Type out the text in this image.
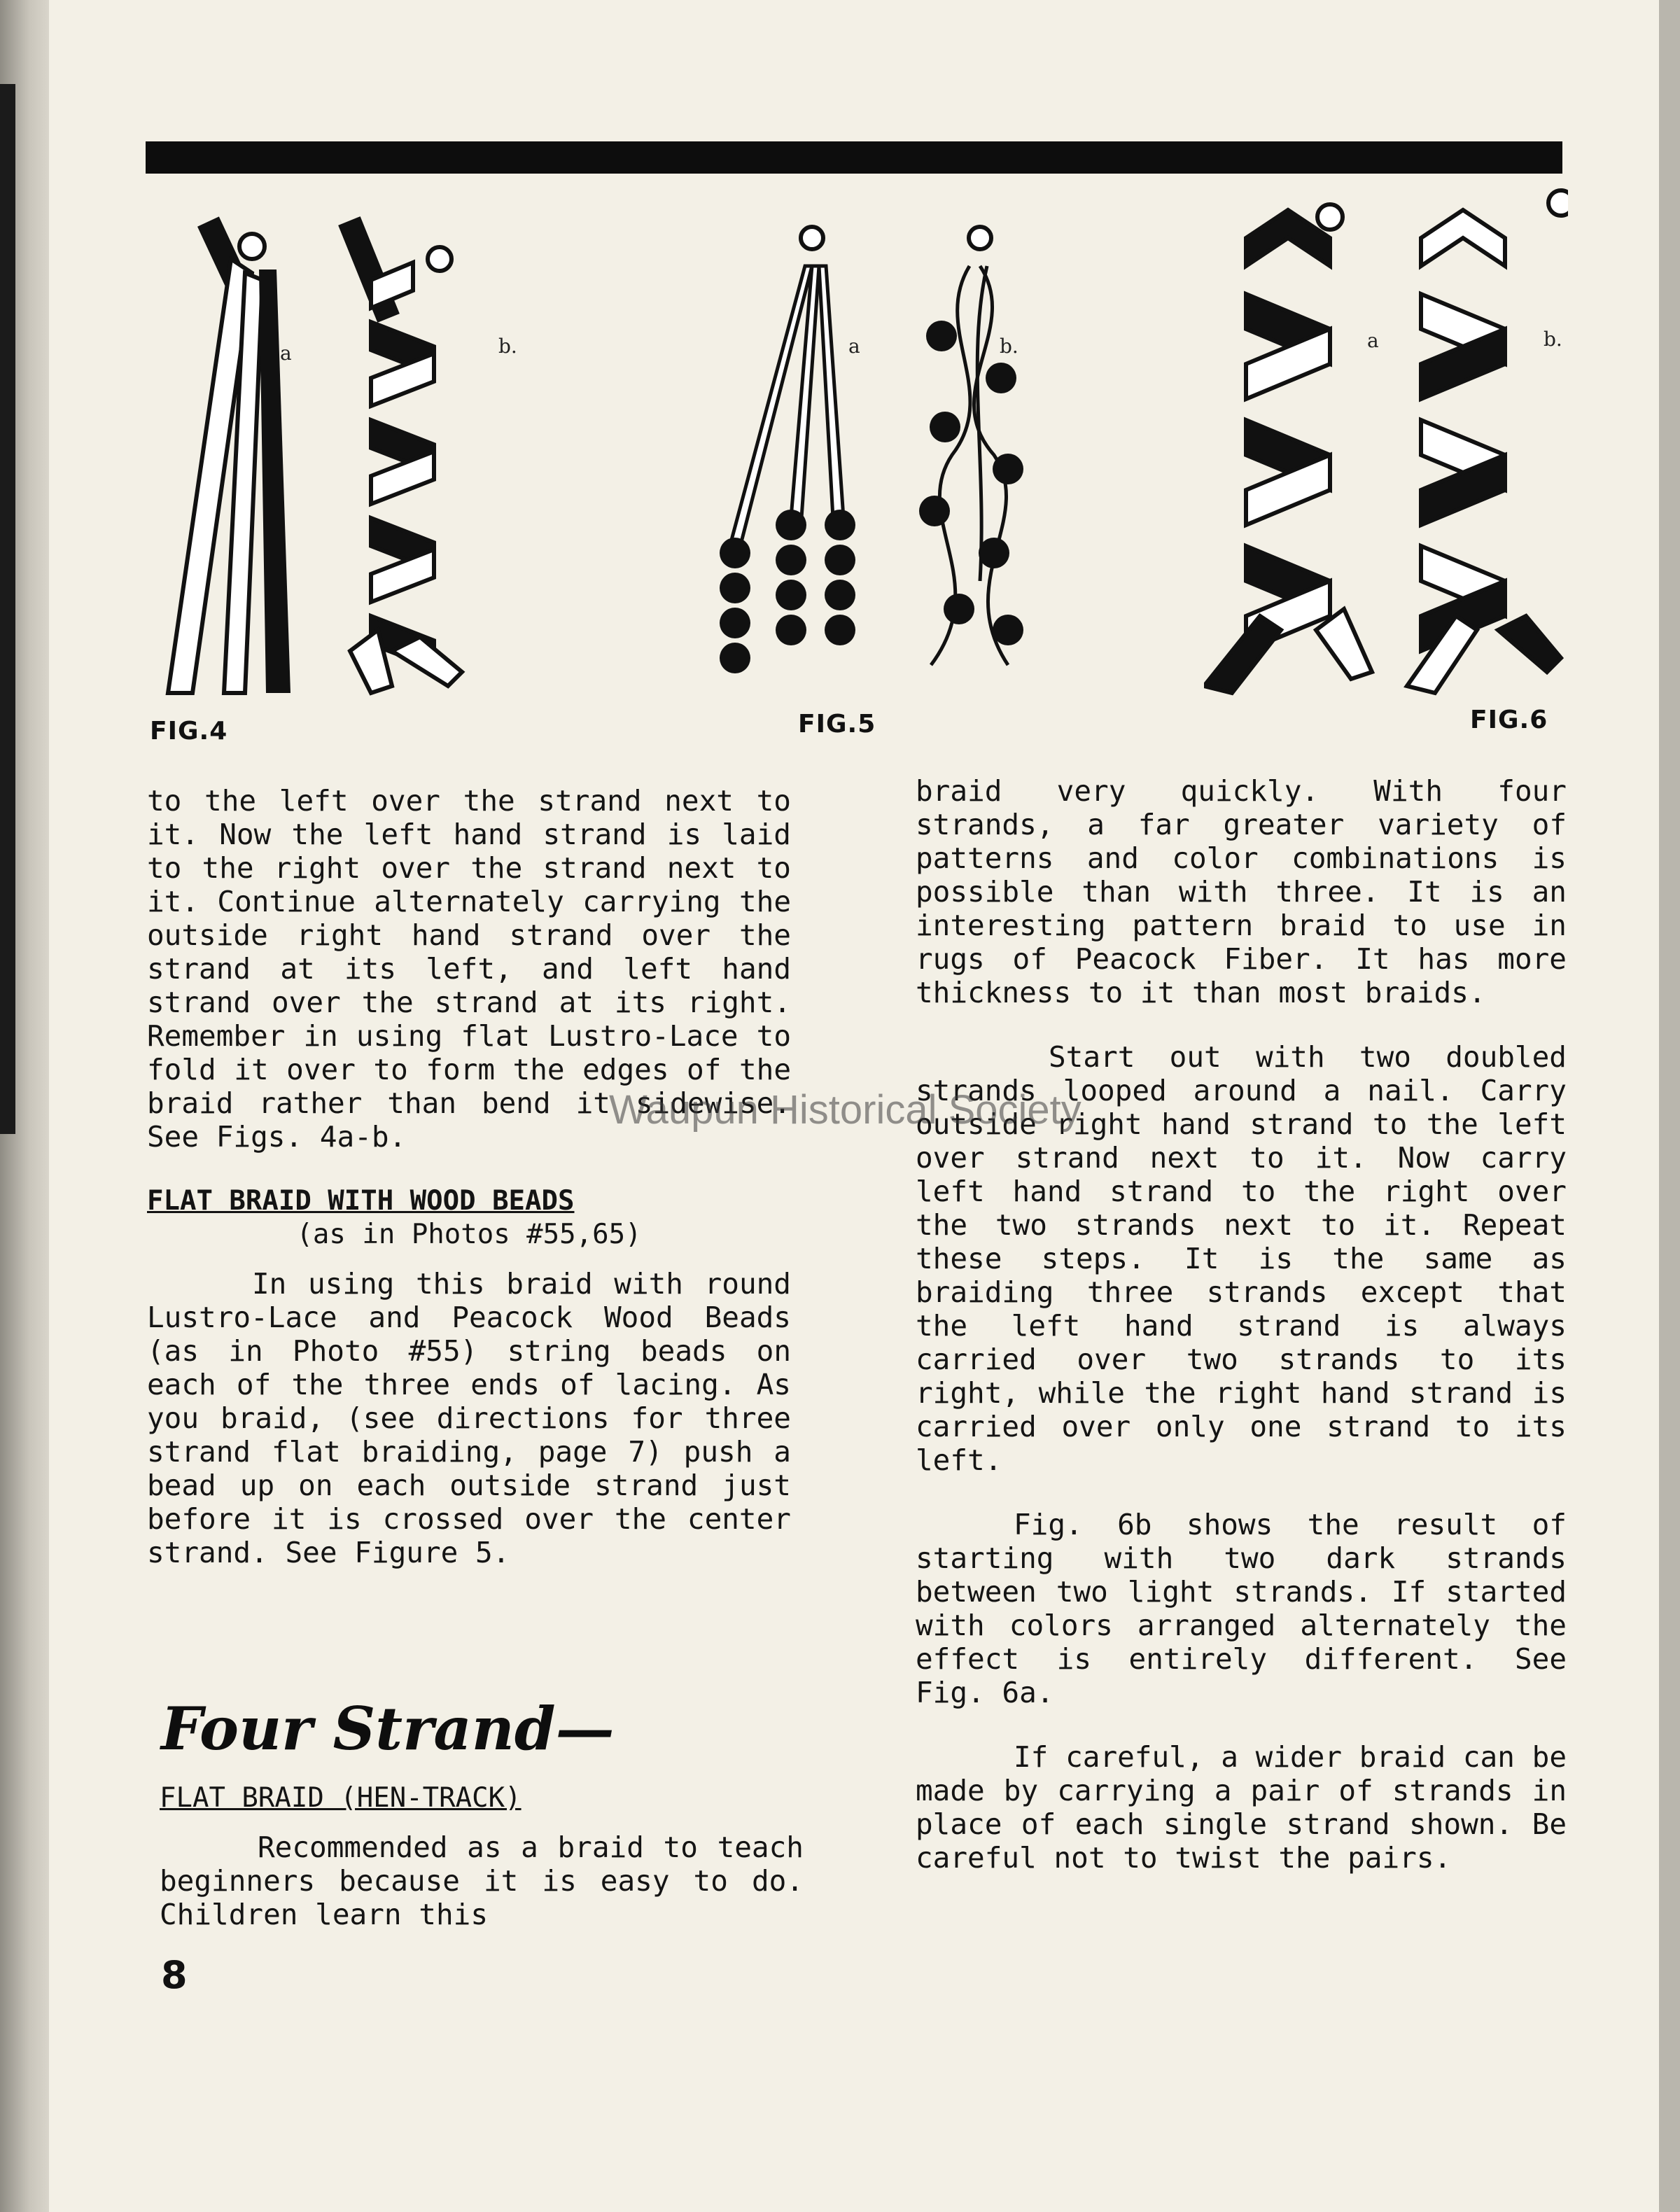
a	b.
FIG.4
a	b.
FIG.5
a	b.
FIG.6

to the left over the strand next to it. Now the left hand strand is laid to the right over the strand next to it. Continue alternately carrying the outside right hand strand over the strand at its left, and left hand strand over the strand at its right. Remember in using flat Lustro-Lace to fold it over to form the edges of the braid rather than bend it sidewise. See Figs. 4a-b.

FLAT BRAID WITH WOOD BEADS
(as in Photos #55,65)

In using this braid with round Lustro-Lace and Peacock Wood Beads (as in Photo #55) string beads on each of the three ends of lacing. As you braid, (see directions for three strand flat braiding, page 7) push a bead up on each outside strand just before it is crossed over the center strand. See Figure 5.

Four Strand—
FLAT BRAID (HEN-TRACK)

Recommended as a braid to teach beginners because it is easy to do. Children learn this

8

braid very quickly. With four strands, a far greater variety of patterns and color combinations is possible than with three. It is an interesting pattern braid to use in rugs of Peacock Fiber. It has more thickness to it than most braids.

Start out with two doubled strands looped around a nail. Carry outside right hand strand to the left over strand next to it. Now carry left hand strand to the right over the two strands next to it. Repeat these steps. It is the same as braiding three strands except that the left hand strand is always carried over two strands to its right, while the right hand strand is carried over only one strand to its left.

Fig. 6b shows the result of starting with two dark strands between two light strands. If started with colors arranged alternately the effect is entirely different. See Fig. 6a.

If careful, a wider braid can be made by carrying a pair of strands in place of each single strand shown. Be careful not to twist the pairs.

Waupun Historical Society
